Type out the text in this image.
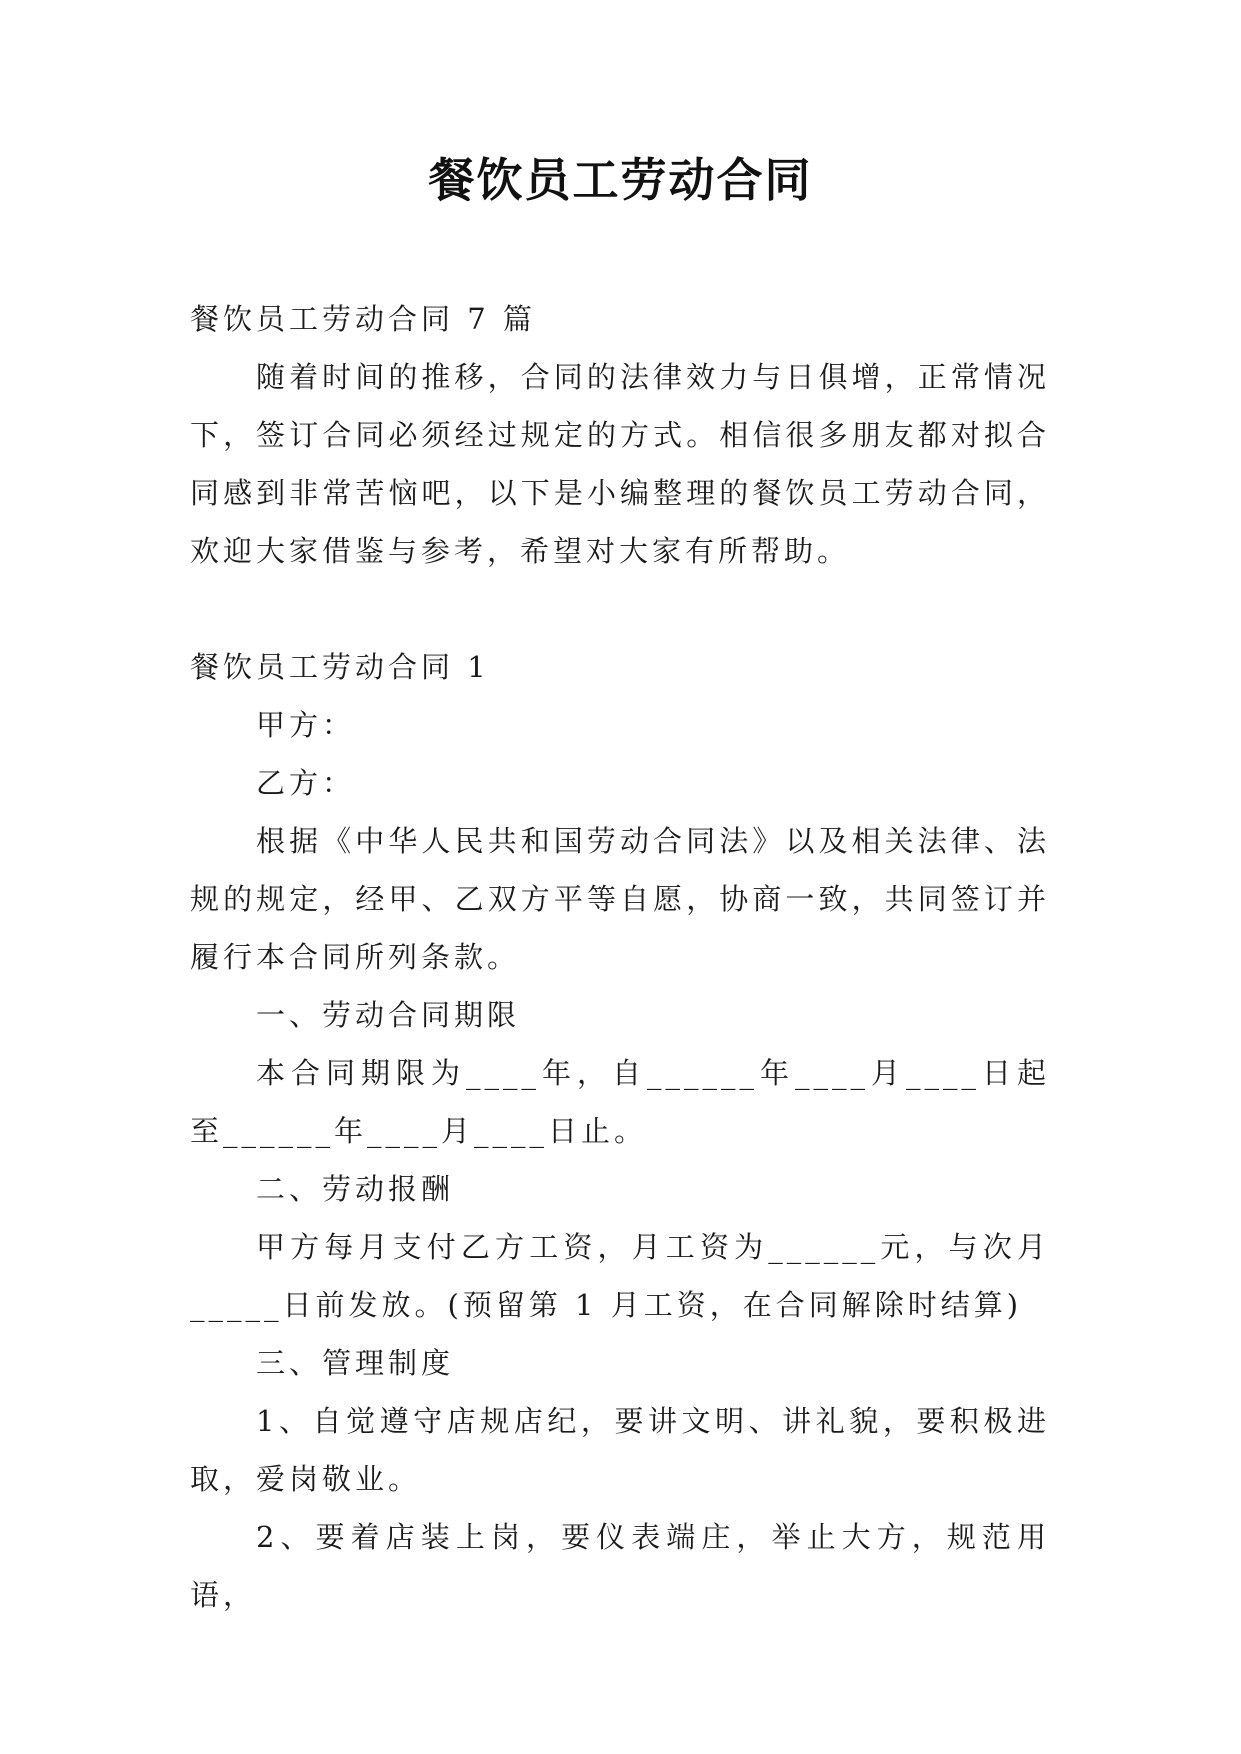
餐饮员工劳动合同

餐饮员工劳动合同 7 篇

随着时间的推移，合同的法律效力与日俱增，正常情况下，签订合同必须经过规定的方式。相信很多朋友都对拟合同感到非常苦恼吧，以下是小编整理的餐饮员工劳动合同，欢迎大家借鉴与参考，希望对大家有所帮助。

餐饮员工劳动合同 1

甲方：

乙方：

根据《中华人民共和国劳动合同法》以及相关法律、法规的规定，经甲、乙双方平等自愿，协商一致，共同签订并履行本合同所列条款。

一、劳动合同期限

本合同期限为____年，自______年____月____日起至______年____月____日止。

二、劳动报酬

甲方每月支付乙方工资，月工资为______元，与次月_____日前发放。(预留第 1 月工资，在合同解除时结算)

三、管理制度

1、自觉遵守店规店纪，要讲文明、讲礼貌，要积极进取，爱岗敬业。

2、要着店装上岗，要仪表端庄，举止大方，规范用语，
